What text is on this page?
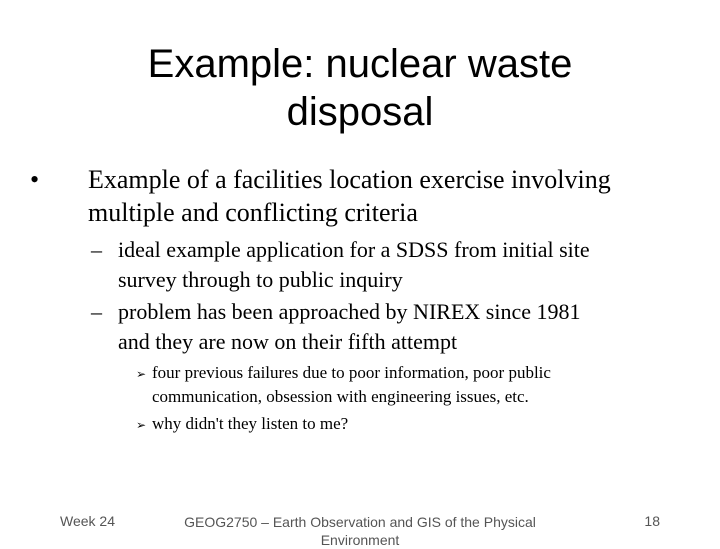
Example: nuclear waste
disposal
•	Example of a facilities location exercise involving
multiple and conflicting criteria
– ideal example application for a SDSS from initial site
survey through to public inquiry
– problem has been approached by NIREX since 1981
and they are now on their fifth attempt
➢ four previous failures due to poor information, poor public
communication, obsession with engineering issues, etc.
➢ why didn't they listen to me?
Week 24	GEOG2750 – Earth Observation and GIS of the Physical Environment
18
